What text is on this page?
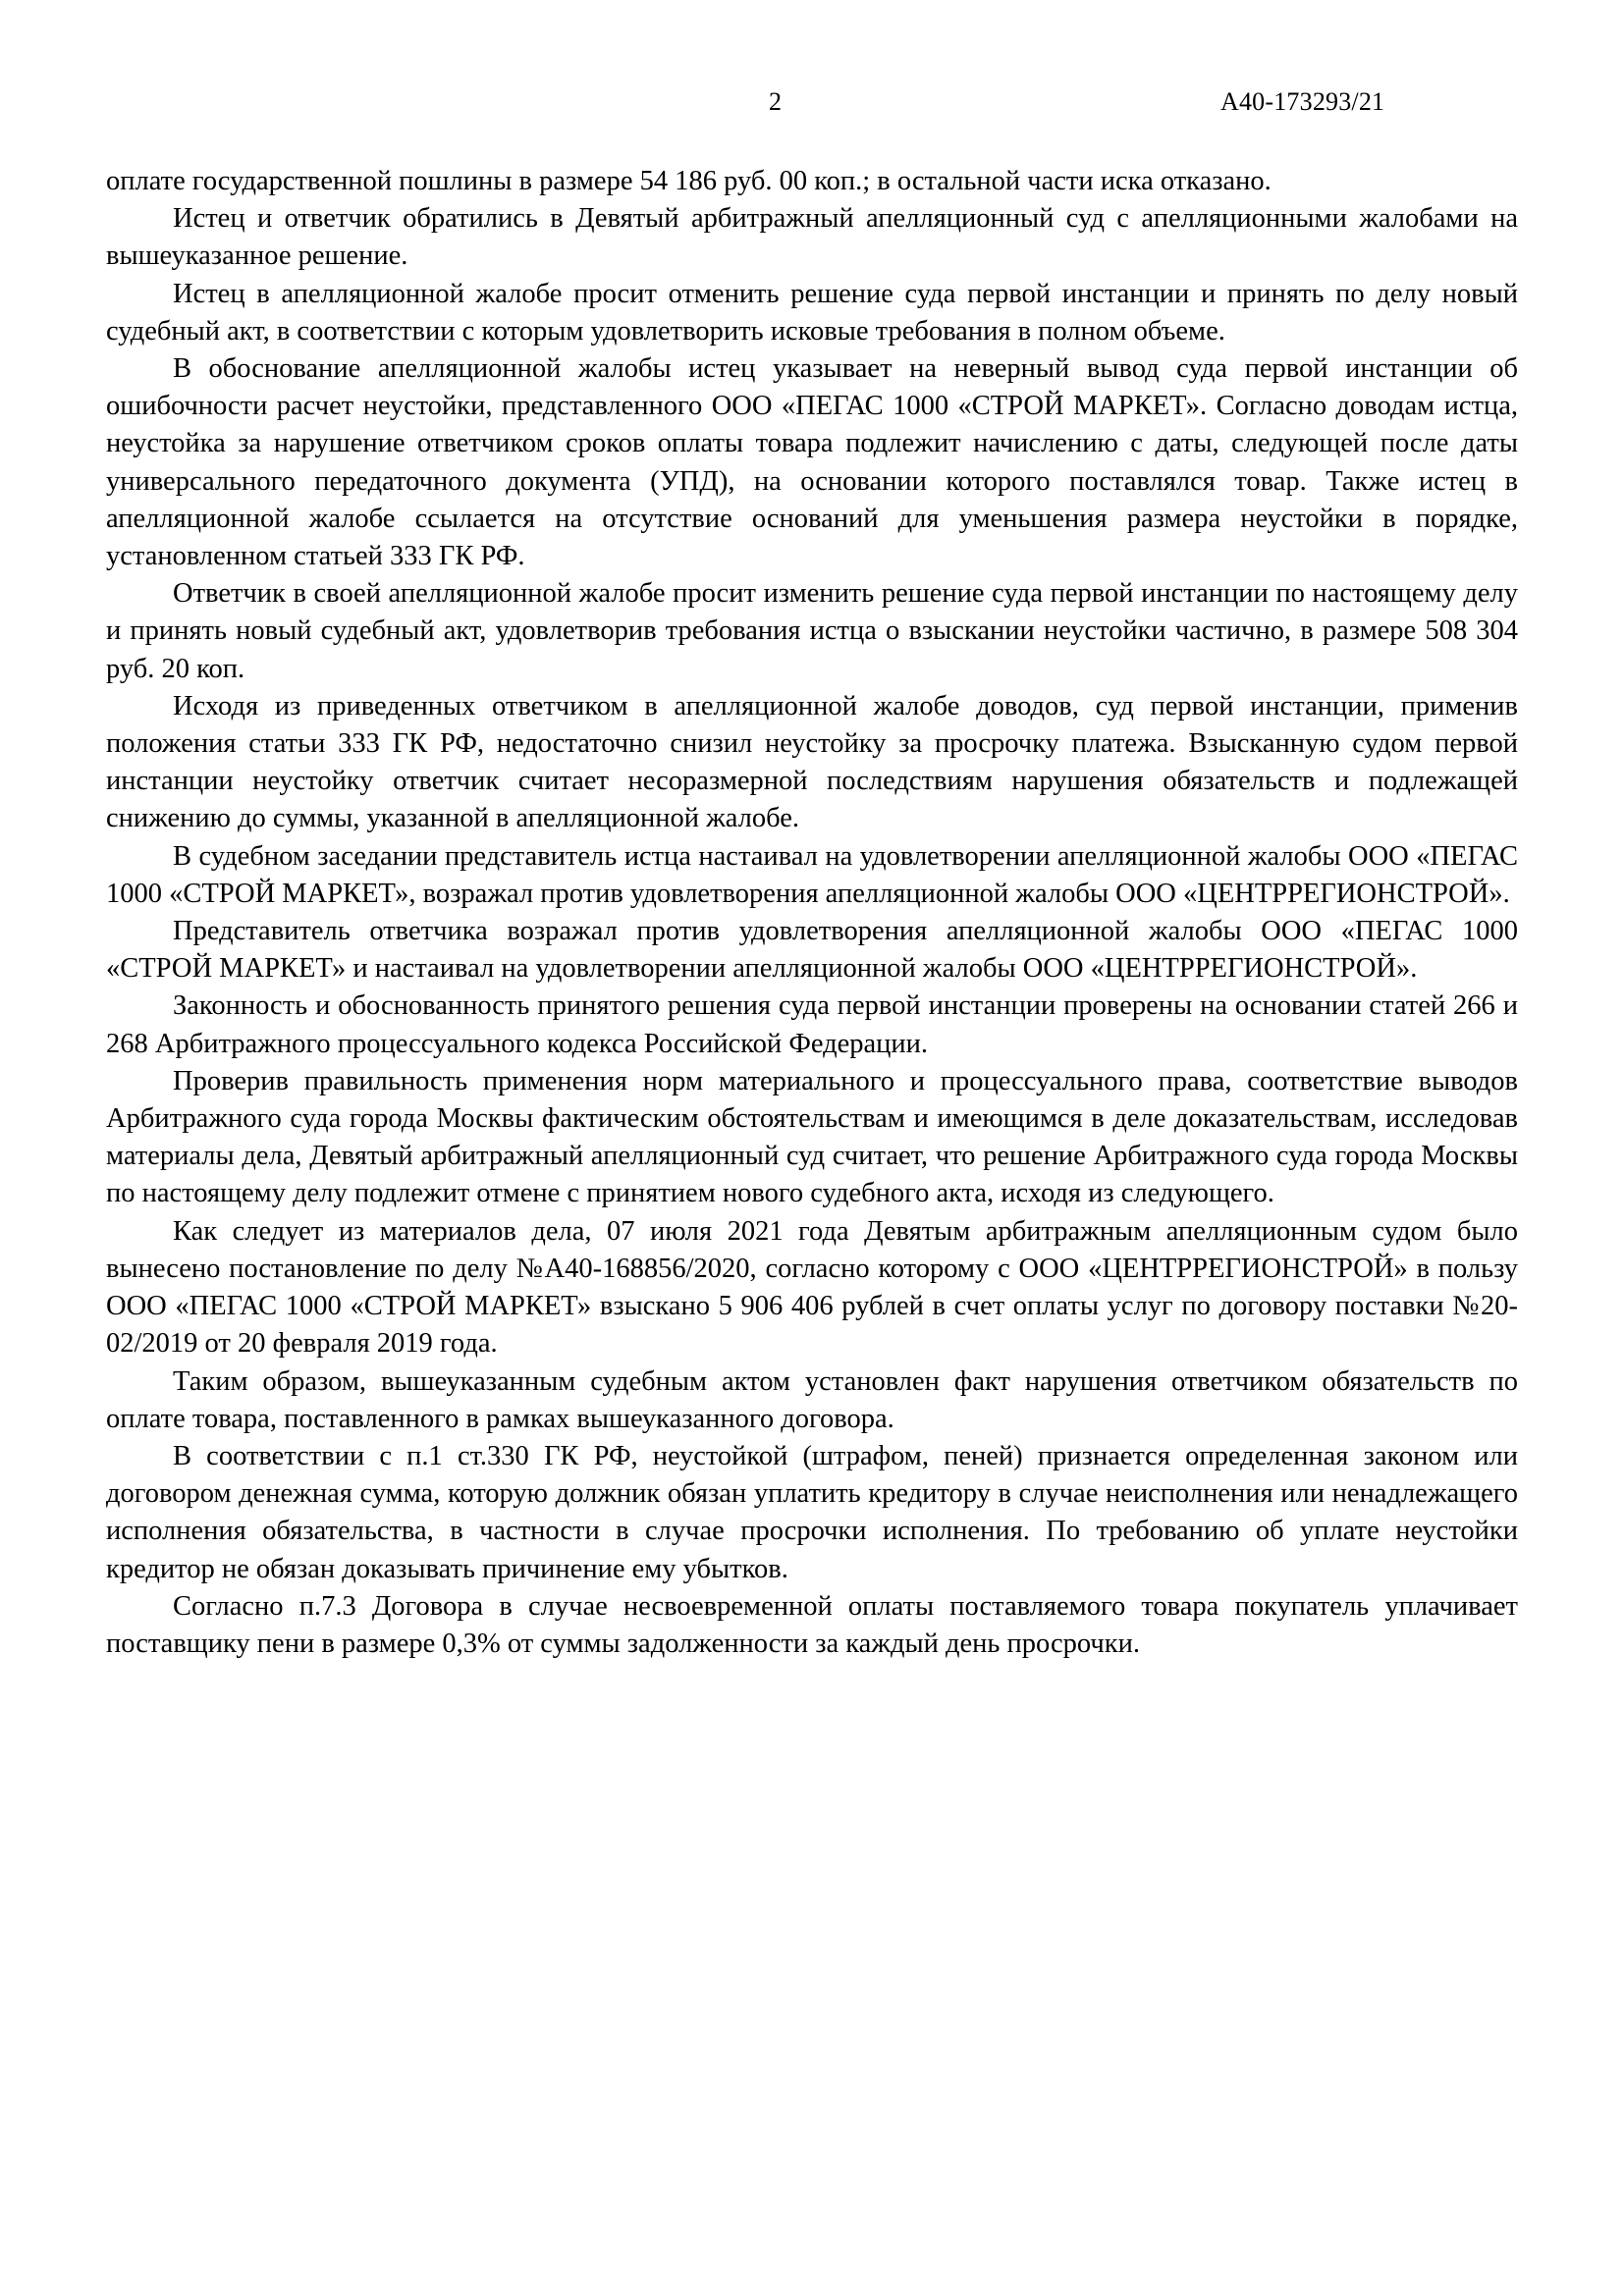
2	А40-173293/21

оплате государственной пошлины в размере 54 186 руб. 00 коп.; в остальной части иска отказано.

Истец и ответчик обратились в Девятый арбитражный апелляционный суд с апелляционными жалобами на вышеуказанное решение.

Истец в апелляционной жалобе просит отменить решение суда первой инстанции и принять по делу новый судебный акт, в соответствии с которым удовлетворить исковые требования в полном объеме.

В обоснование апелляционной жалобы истец указывает на неверный вывод суда первой инстанции об ошибочности расчет неустойки, представленного ООО «ПЕГАС 1000 «СТРОЙ МАРКЕТ». Согласно доводам истца, неустойка за нарушение ответчиком сроков оплаты товара подлежит начислению с даты, следующей после даты универсального передаточного документа (УПД), на основании которого поставлялся товар. Также истец в апелляционной жалобе ссылается на отсутствие оснований для уменьшения размера неустойки в порядке, установленном статьей 333 ГК РФ.

Ответчик в своей апелляционной жалобе просит изменить решение суда первой инстанции по настоящему делу и принять новый судебный акт, удовлетворив требования истца о взыскании неустойки частично, в размере 508 304 руб. 20 коп.

Исходя из приведенных ответчиком в апелляционной жалобе доводов, суд первой инстанции, применив положения статьи 333 ГК РФ, недостаточно снизил неустойку за просрочку платежа. Взысканную судом первой инстанции неустойку ответчик считает несоразмерной последствиям нарушения обязательств и подлежащей снижению до суммы, указанной в апелляционной жалобе.

В судебном заседании представитель истца настаивал на удовлетворении апелляционной жалобы ООО «ПЕГАС 1000 «СТРОЙ МАРКЕТ», возражал против удовлетворения апелляционной жалобы ООО «ЦЕНТРРЕГИОНСТРОЙ».

Представитель ответчика возражал против удовлетворения апелляционной жалобы ООО «ПЕГАС 1000 «СТРОЙ МАРКЕТ» и настаивал на удовлетворении апелляционной жалобы ООО «ЦЕНТРРЕГИОНСТРОЙ».

Законность и обоснованность принятого решения суда первой инстанции проверены на основании статей 266 и 268 Арбитражного процессуального кодекса Российской Федерации.

Проверив правильность применения норм материального и процессуального права, соответствие выводов Арбитражного суда города Москвы фактическим обстоятельствам и имеющимся в деле доказательствам, исследовав материалы дела, Девятый арбитражный апелляционный суд считает, что решение Арбитражного суда города Москвы по настоящему делу подлежит отмене с принятием нового судебного акта, исходя из следующего.

Как следует из материалов дела, 07 июля 2021 года Девятым арбитражным апелляционным судом было вынесено постановление по делу №А40-168856/2020, согласно которому с ООО «ЦЕНТРРЕГИОНСТРОЙ» в пользу ООО «ПЕГАС 1000 «СТРОЙ МАРКЕТ» взыскано 5 906 406 рублей в счет оплаты услуг по договору поставки №20-02/2019 от 20 февраля 2019 года.

Таким образом, вышеуказанным судебным актом установлен факт нарушения ответчиком обязательств по оплате товара, поставленного в рамках вышеуказанного договора.

В соответствии с п.1 ст.330 ГК РФ, неустойкой (штрафом, пеней) признается определенная законом или договором денежная сумма, которую должник обязан уплатить кредитору в случае неисполнения или ненадлежащего исполнения обязательства, в частности в случае просрочки исполнения. По требованию об уплате неустойки кредитор не обязан доказывать причинение ему убытков.

Согласно п.7.3 Договора в случае несвоевременной оплаты поставляемого товара покупатель уплачивает поставщику пени в размере 0,3% от суммы задолженности за каждый день просрочки.
